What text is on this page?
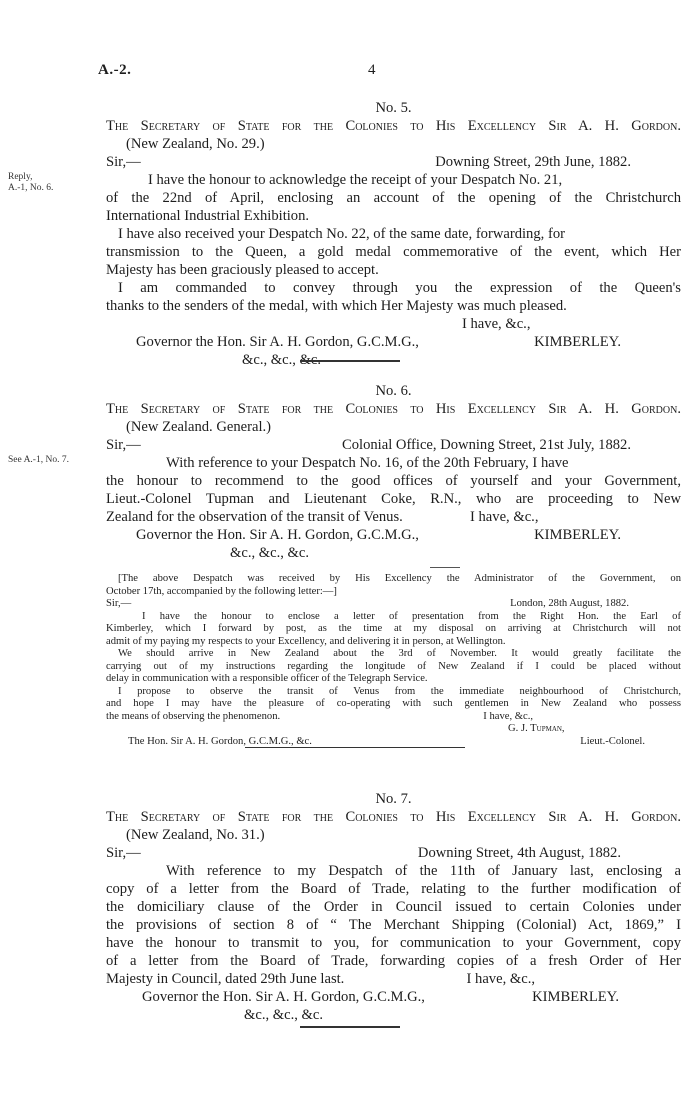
A.-2.	4
No. 5.
The Secretary of State for the Colonies to His Excellency Sir A. H. Gordon.
(New Zealand, No. 29.)
Sir,—	Downing Street, 29th June, 1882.
I have the honour to acknowledge the receipt of your Despatch No. 21,
of the 22nd of April, enclosing an account of the opening of the Christchurch
International Industrial Exhibition.
I have also received your Despatch No. 22, of the same date, forwarding, for
transmission to the Queen, a gold medal commemorative of the event, which Her
Majesty has been graciously pleased to accept.
I am commanded to convey through you the expression of the Queen's
thanks to the senders of the medal, with which Her Majesty was much pleased.
I have, &c.,
Governor the Hon. Sir A. H. Gordon, G.C.M.G.,	KIMBERLEY.
&c., &c., &c.
Reply,
A.-1, No. 6.
No. 6.
The Secretary of State for the Colonies to His Excellency Sir A. H. Gordon.
(New Zealand. General.)
Sir,—	Colonial Office, Downing Street, 21st July, 1882.
With reference to your Despatch No. 16, of the 20th February, I have
the honour to recommend to the good offices of yourself and your Government,
Lieut.-Colonel Tupman and Lieutenant Coke, R.N., who are proceeding to New
Zealand for the observation of the transit of Venus.	I have, &c.,
Governor the Hon. Sir A. H. Gordon, G.C.M.G.,	KIMBERLEY.
&c., &c., &c.
See A.-1, No. 7.
[The above Despatch was received by His Excellency the Administrator of the Government, on
October 17th, accompanied by the following letter:—]
Sir,—	London, 28th August, 1882.
I have the honour to enclose a letter of presentation from the Right Hon. the Earl of
Kimberley, which I forward by post, as the time at my disposal on arriving at Christchurch will not
admit of my paying my respects to your Excellency, and delivering it in person, at Wellington.
We should arrive in New Zealand about the 3rd of November. It would greatly facilitate the
carrying out of my instructions regarding the longitude of New Zealand if I could be placed without
delay in communication with a responsible officer of the Telegraph Service.
I propose to observe the transit of Venus from the immediate neighbourhood of Christchurch,
and hope I may have the pleasure of co-operating with such gentlemen in New Zealand who possess
the means of observing the phenomenon.	I have, &c.,
G. J. Tupman,
The Hon. Sir A. H. Gordon, G.C.M.G., &c.	Lieut.-Colonel.
No. 7.
The Secretary of State for the Colonies to His Excellency Sir A. H. Gordon.
(New Zealand, No. 31.)
Sir,—	Downing Street, 4th August, 1882.
With reference to my Despatch of the 11th of January last, enclosing a
copy of a letter from the Board of Trade, relating to the further modification of
the domiciliary clause of the Order in Council issued to certain Colonies under
the provisions of section 8 of “ The Merchant Shipping (Colonial) Act, 1869,” I
have the honour to transmit to you, for communication to your Government, copy
of a letter from the Board of Trade, forwarding copies of a fresh Order of Her
Majesty in Council, dated 29th June last.	I have, &c.,
Governor the Hon. Sir A. H. Gordon, G.C.M.G.,	KIMBERLEY.
&c., &c., &c.
